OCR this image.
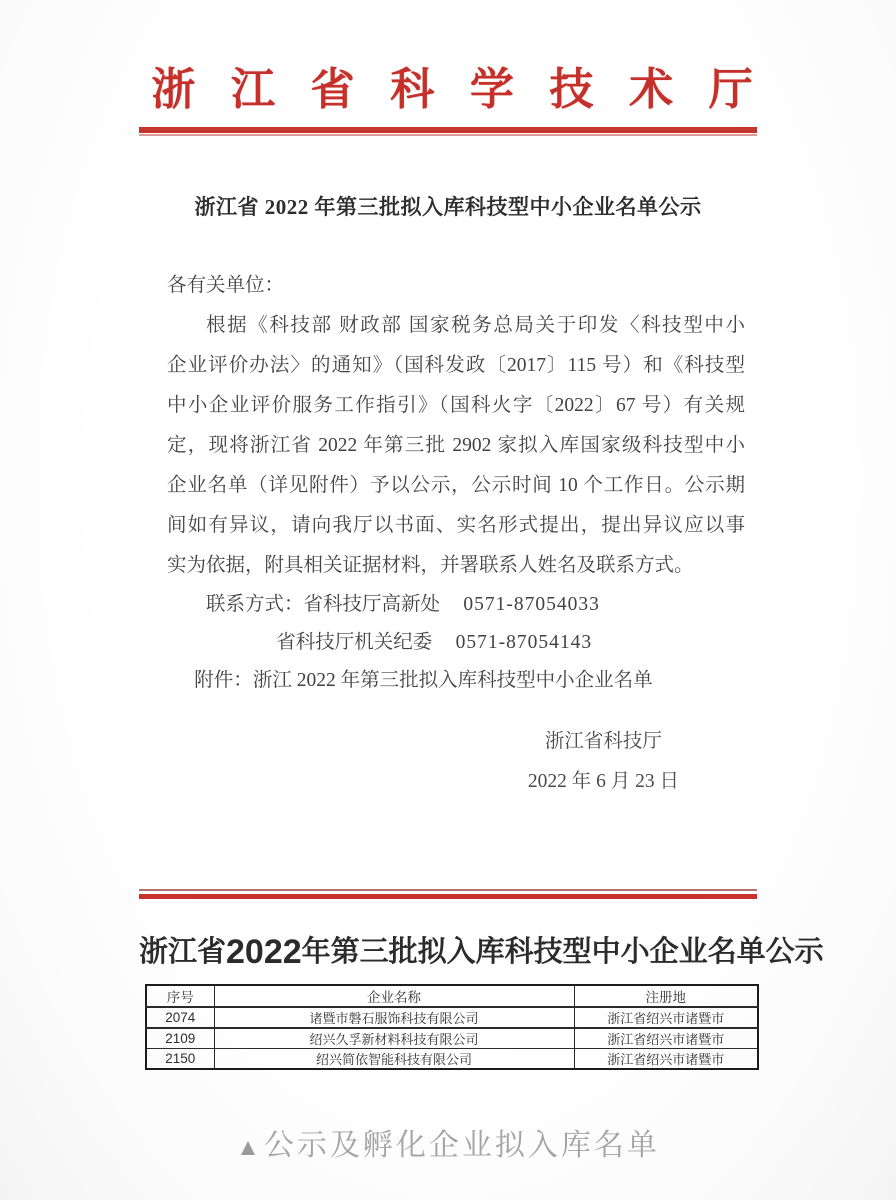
浙 江 省 科 学 技 术 厅
浙江省 2022 年第三批拟入库科技型中小企业名单公示
各有关单位：
根据《科技部 财政部 国家税务总局关于印发〈科技型中小
企业评价办法〉的通知》（国科发政〔2017〕115 号）和《科技型
中小企业评价服务工作指引》（国科火字〔2022〕67 号）有关规
定，现将浙江省 2022 年第三批 2902 家拟入库国家级科技型中小
企业名单（详见附件）予以公示，公示时间 10 个工作日。公示期
间如有异议，请向我厅以书面、实名形式提出，提出异议应以事
实为依据，附具相关证据材料，并署联系人姓名及联系方式。
联系方式：省科技厅高新处 0571-87054033
省科技厅机关纪委 0571-87054143
附件：浙江 2022 年第三批拟入库科技型中小企业名单
浙江省科技厅
2022 年 6 月 23 日
浙江省2022年第三批拟入库科技型中小企业名单公示
序号	企业名称	注册地
2074	诸暨市磐石服饰科技有限公司	浙江省绍兴市诸暨市
2109	绍兴久孚新材料科技有限公司	浙江省绍兴市诸暨市
2150	绍兴简依智能科技有限公司	浙江省绍兴市诸暨市
▲ 公示及孵化企业拟入库名单
